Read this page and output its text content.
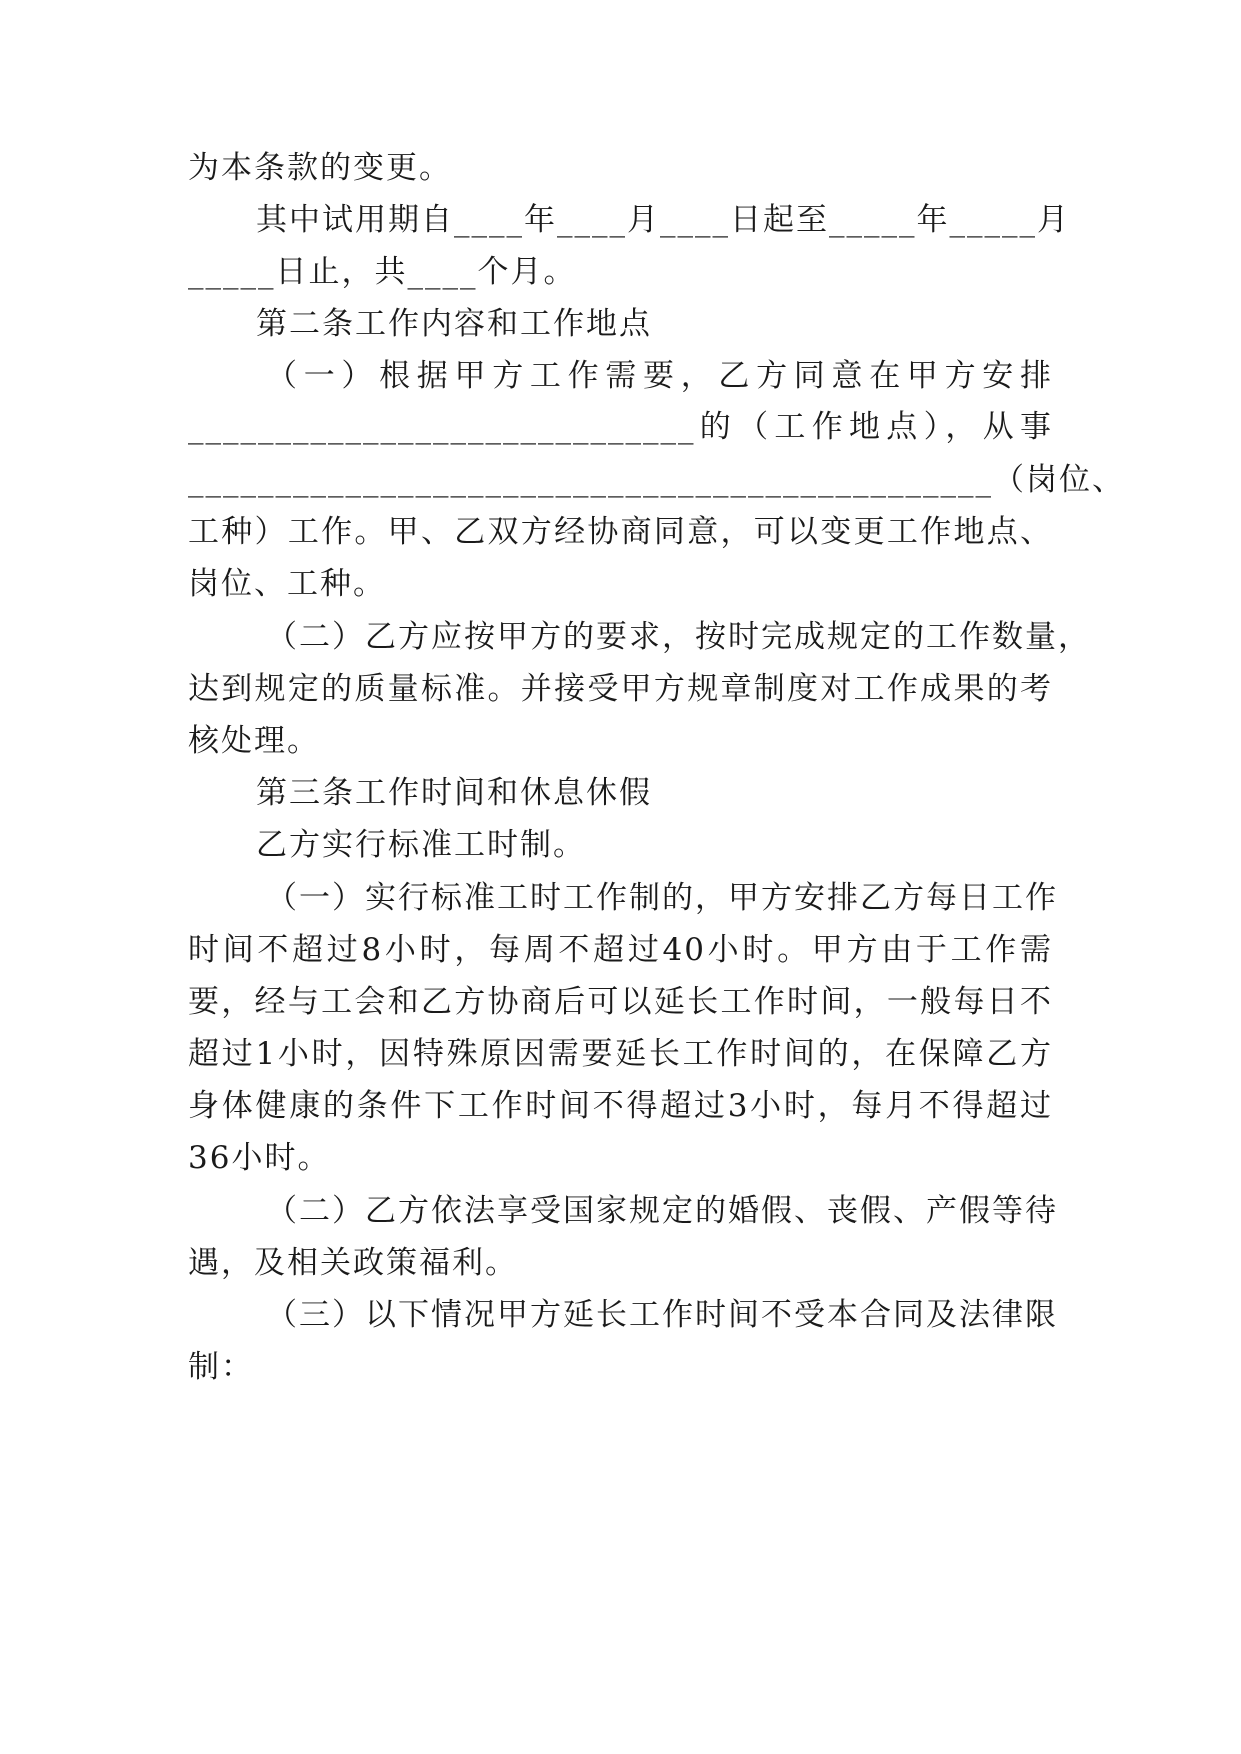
为本条款的变更。
其中试用期自____年____月____日起至_____年_____月
_____日止，共____个月。
第二条工作内容和工作地点
（一）根据甲方工作需要，乙方同意在甲方安排
_____________________________的（工作地点），从事
______________________________________________（岗位、
工种）工作。甲、乙双方经协商同意，可以变更工作地点、
岗位、工种。
（二）乙方应按甲方的要求，按时完成规定的工作数量，
达到规定的质量标准。并接受甲方规章制度对工作成果的考
核处理。
第三条工作时间和休息休假
乙方实行标准工时制。
（一）实行标准工时工作制的，甲方安排乙方每日工作
时间不超过8小时，每周不超过40小时。甲方由于工作需
要，经与工会和乙方协商后可以延长工作时间，一般每日不
超过1小时，因特殊原因需要延长工作时间的，在保障乙方
身体健康的条件下工作时间不得超过3小时，每月不得超过
36小时。
（二）乙方依法享受国家规定的婚假、丧假、产假等待
遇，及相关政策福利。
（三）以下情况甲方延长工作时间不受本合同及法律限
制：
